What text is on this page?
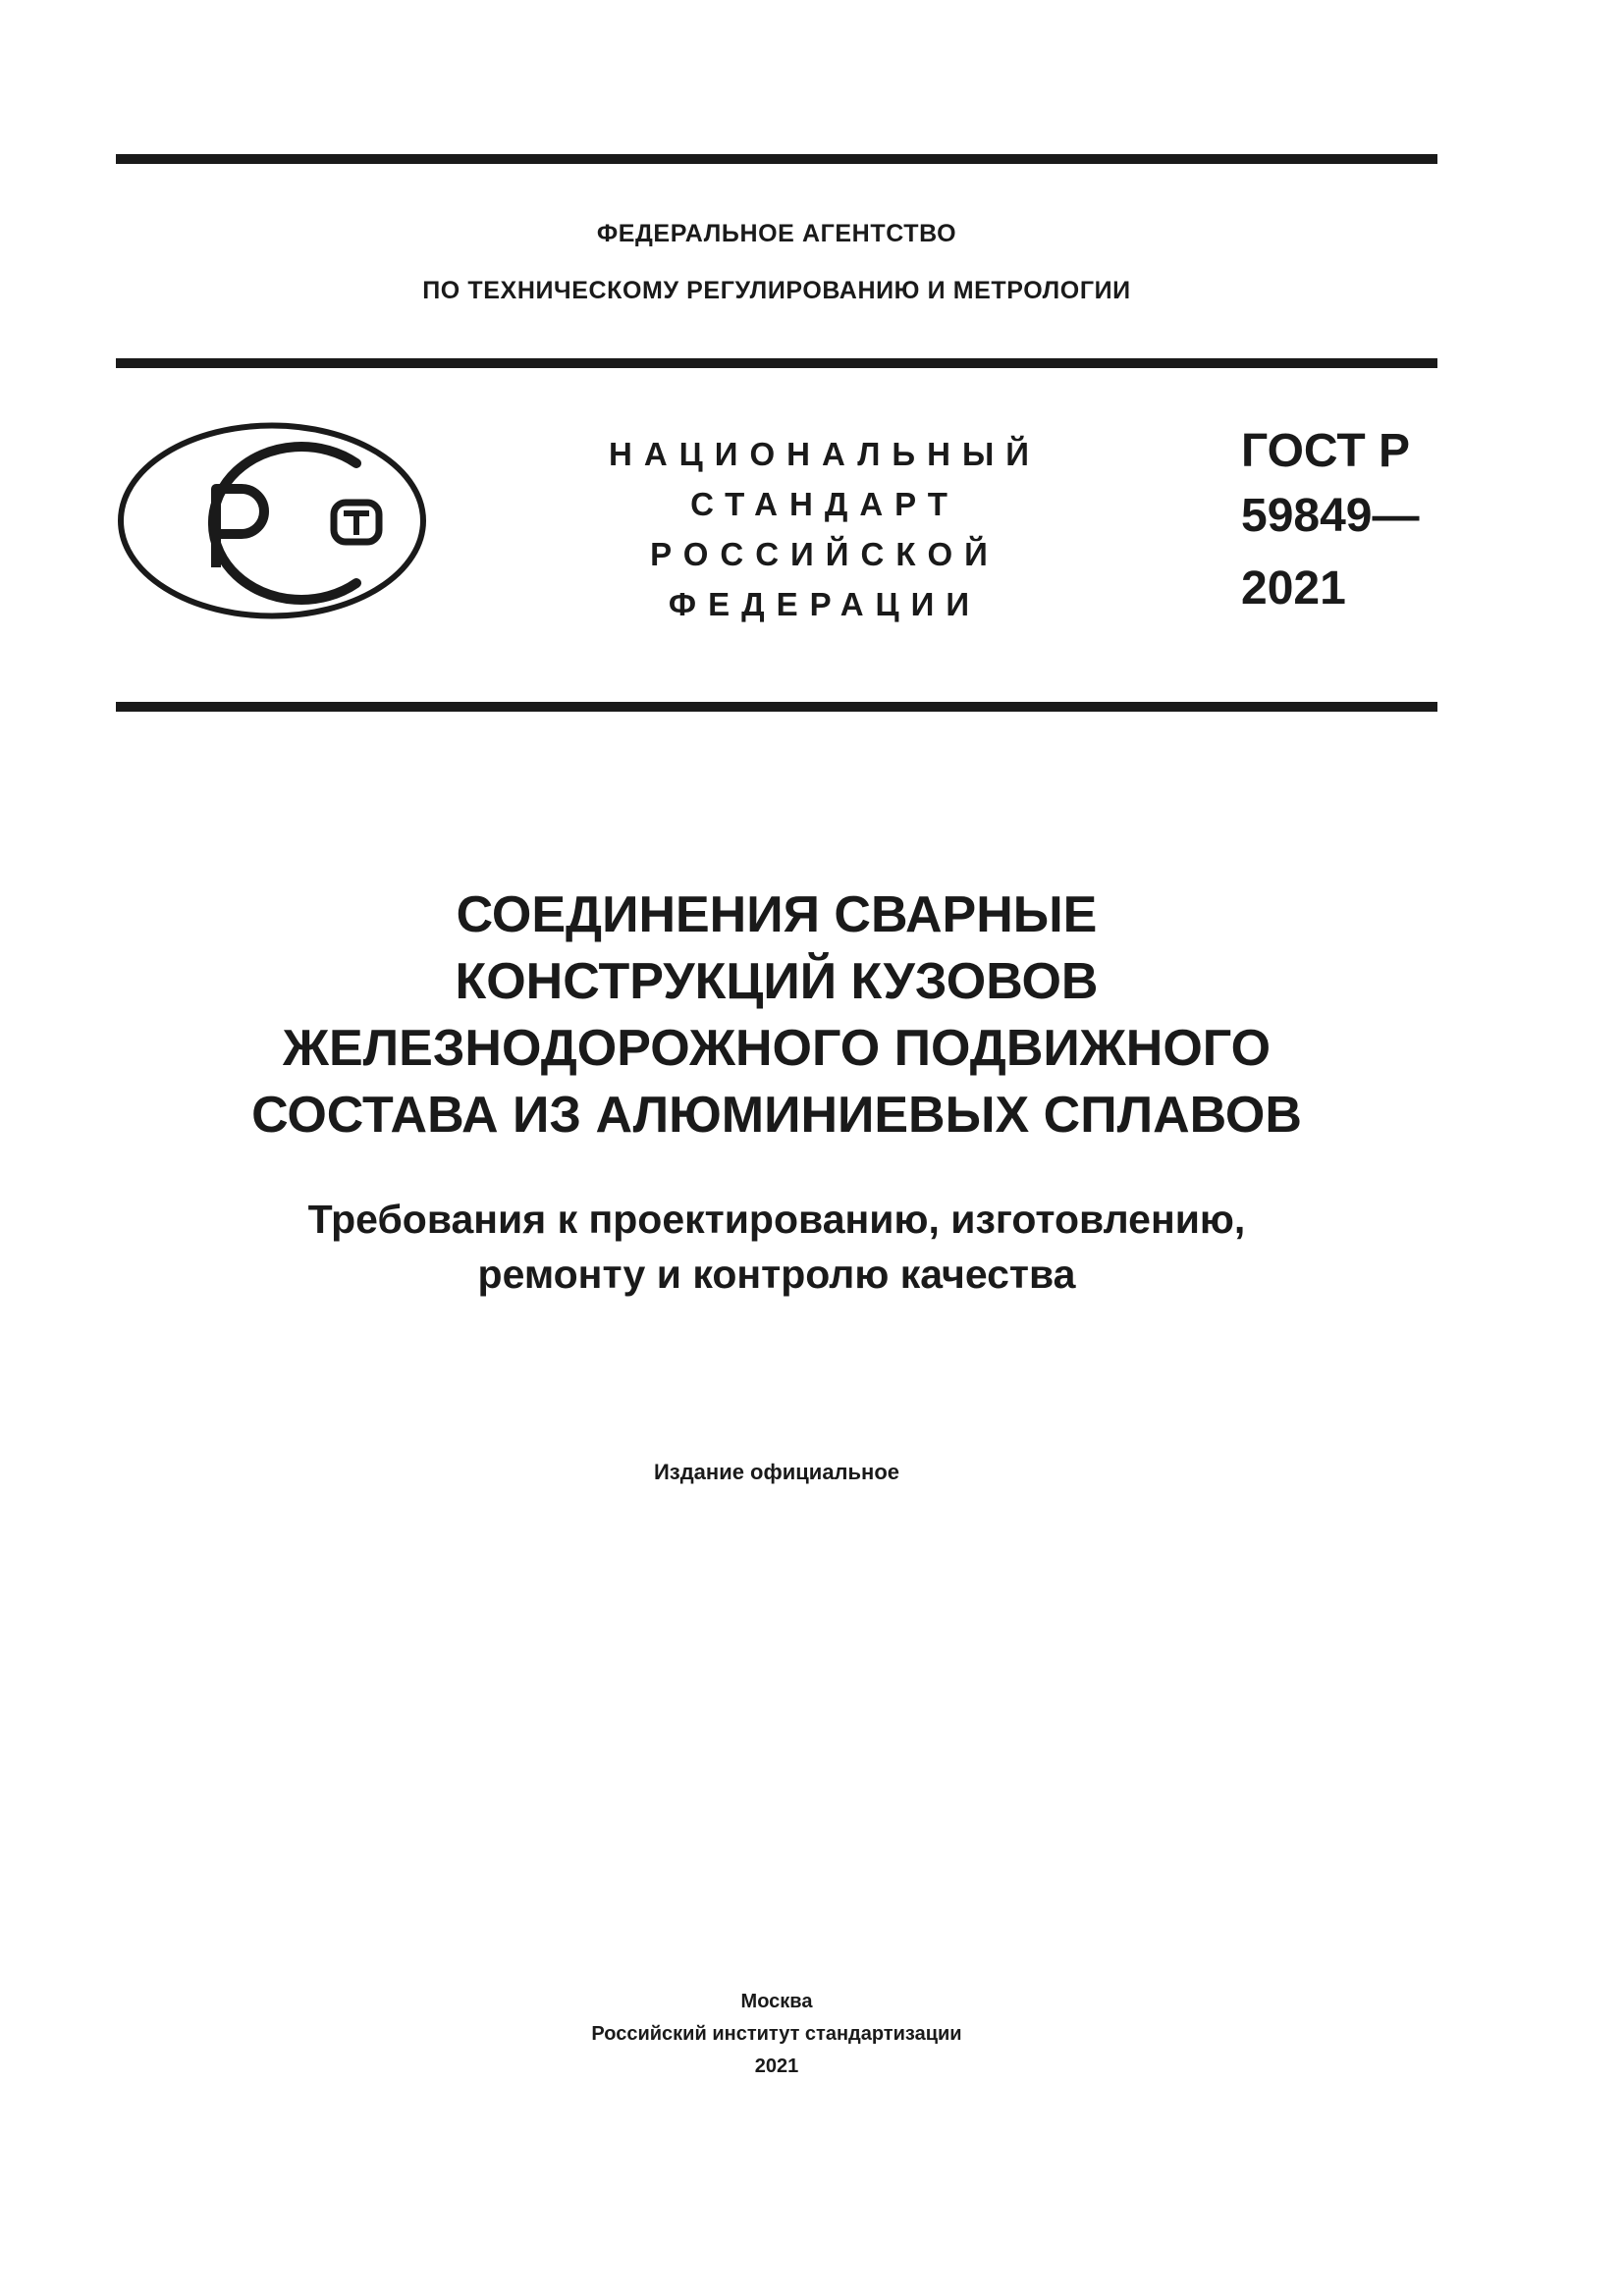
ФЕДЕРАЛЬНОЕ АГЕНТСТВО
ПО ТЕХНИЧЕСКОМУ РЕГУЛИРОВАНИЮ И МЕТРОЛОГИИ
НАЦИОНАЛЬНЫЙ
СТАНДАРТ
РОССИЙСКОЙ
ФЕДЕРАЦИИ
ГОСТ Р
59849—
2021
СОЕДИНЕНИЯ СВАРНЫЕ
КОНСТРУКЦИЙ КУЗОВОВ
ЖЕЛЕЗНОДОРОЖНОГО ПОДВИЖНОГО
СОСТАВА ИЗ АЛЮМИНИЕВЫХ СПЛАВОВ
Требования к проектированию, изготовлению,
ремонту и контролю качества
Издание официальное
Москва
Российский институт стандартизации
2021
